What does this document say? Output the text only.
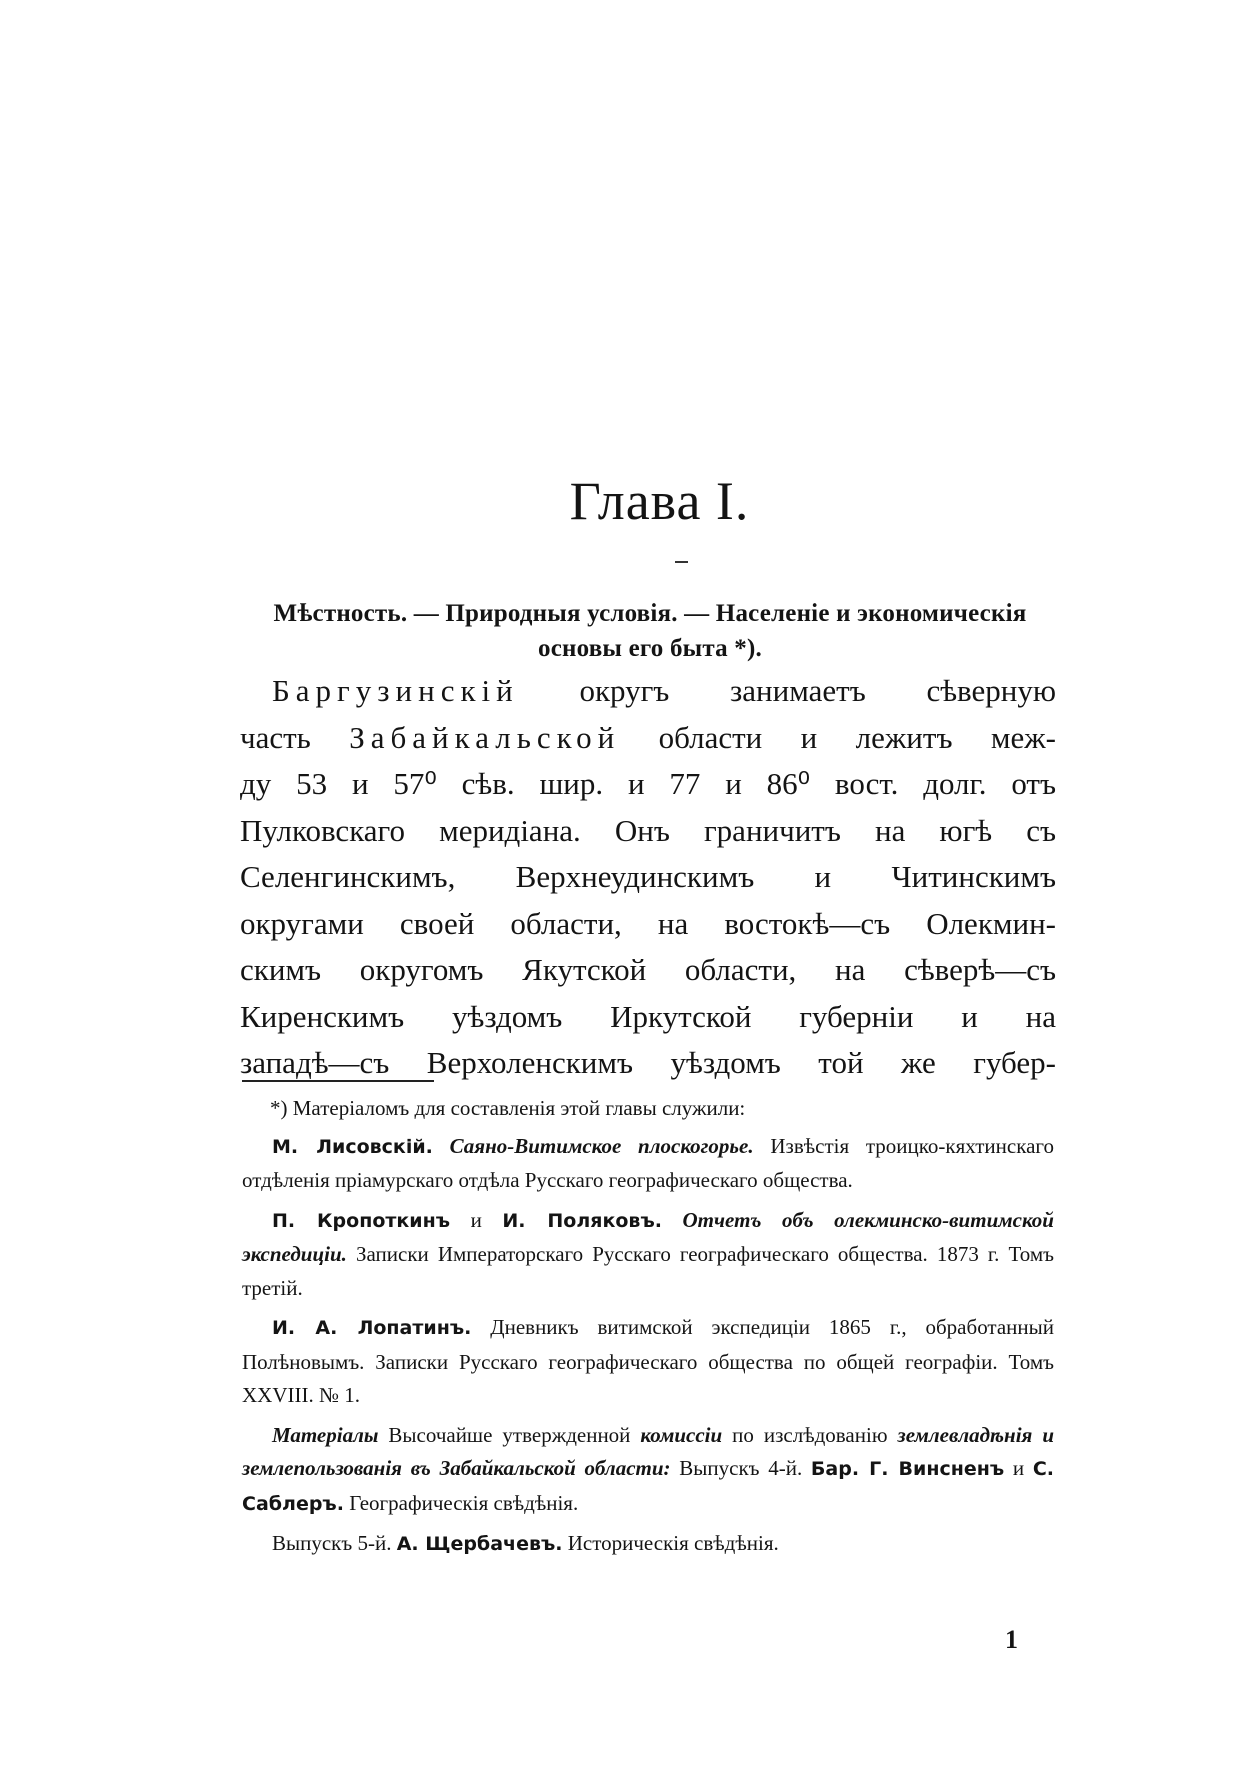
Глава I.
Мѣстность. — Природныя условія. — Населеніе и экономическія
основы его быта *).
Баргузинскій округъ занимаетъ сѣверную
часть Забайкальской области и лежитъ меж-
ду 53 и 57⁰ сѣв. шир. и 77 и 86⁰ вост. долг. отъ
Пулковскаго меридіана. Онъ граничитъ на югѣ съ
Селенгинскимъ, Верхнеудинскимъ и Читинскимъ
округами своей области, на востокѣ—съ Олекмин-
скимъ округомъ Якутской области, на сѣверѣ—съ
Киренскимъ уѣздомъ Иркутской губерніи и на
западѣ—съ Верхоленскимъ уѣздомъ той же губер-

*) Матеріаломъ для составленія этой главы служили:

М. Лисовскій. Саяно-Витимское плоскогорье. Извѣстія троицко-кяхтинскаго отдѣленія пріамурскаго отдѣла Русскаго географическаго общества.

П. Кропоткинъ и И. Поляковъ. Отчетъ объ олекминско-витимской экспедиціи. Записки Императорскаго Русскаго географическаго общества. 1873 г. Томъ третій.

И. А. Лопатинъ. Дневникъ витимской экспедиціи 1865 г., обработанный Полѣновымъ. Записки Русскаго географическаго общества по общей географіи. Томъ XXVIII. № 1.

Матеріалы Высочайше утвержденной комиссіи по изслѣдованію землевладѣнія и землепользованія въ Забайкальской области: Выпускъ 4-й. Бар. Г. Винсненъ и С. Саблеръ. Географическія свѣдѣнія.

Выпускъ 5-й. А. Щербачевъ. Историческія свѣдѣнія.

1
